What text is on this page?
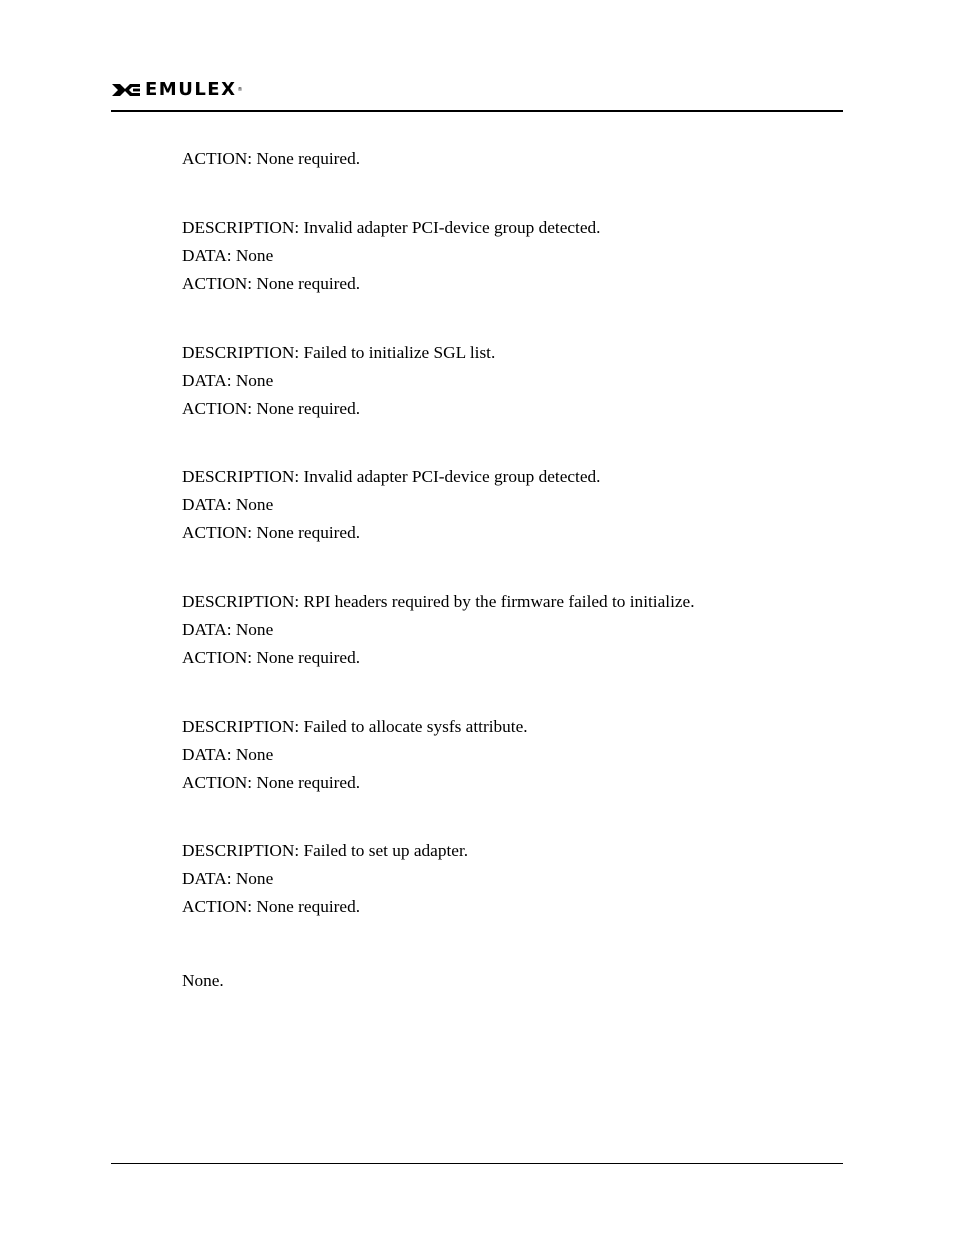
EMULEX ®
ACTION: None required.
DESCRIPTION: Invalid adapter PCI-device group detected.
DATA: None
ACTION: None required.
DESCRIPTION: Failed to initialize SGL list.
DATA: None
ACTION: None required.
DESCRIPTION: Invalid adapter PCI-device group detected.
DATA: None
ACTION: None required.
DESCRIPTION: RPI headers required by the firmware failed to initialize.
DATA: None
ACTION: None required.
DESCRIPTION: Failed to allocate sysfs attribute.
DATA: None
ACTION: None required.
DESCRIPTION: Failed to set up adapter.
DATA: None
ACTION: None required.
None.
